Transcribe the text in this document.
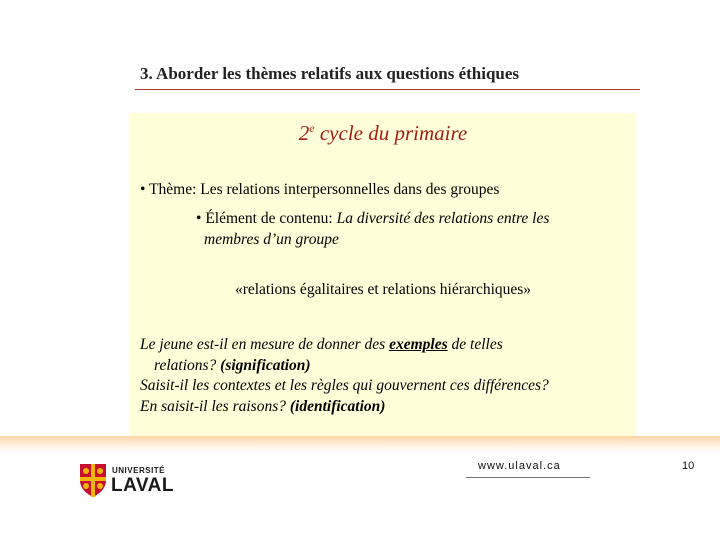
3. Aborder les thèmes relatifs aux questions éthiques
2e cycle du primaire
• Thème: Les relations interpersonnelles dans des groupes
• Élément de contenu: La diversité des relations entre les
membres d’un groupe
«relations égalitaires et relations hiérarchiques»
Le jeune est-il en mesure de donner des exemples de telles
relations? (signification)
Saisit-il les contextes et les règles qui gouvernent ces différences?
En saisit-il les raisons? (identification)
UNIVERSITÉ
LAVAL
www.ulaval.ca	10
